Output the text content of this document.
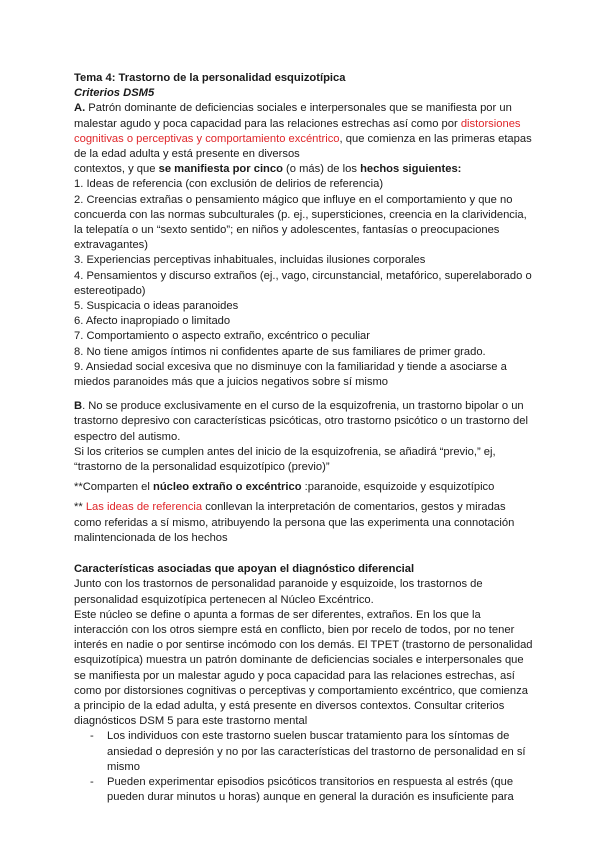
Tema 4: Trastorno de la personalidad esquizotípica

Criterios DSM5

A. Patrón dominante de deficiencias sociales e interpersonales que se manifiesta por un malestar agudo y poca capacidad para las relaciones estrechas así como por distorsiones cognitivas o perceptivas y comportamiento excéntrico, que comienza en las primeras etapas de la edad adulta y está presente en diversos

contextos, y que se manifiesta por cinco (o más) de los hechos siguientes:

1. Ideas de referencia (con exclusión de delirios de referencia)

2. Creencias extrañas o pensamiento mágico que influye en el comportamiento y que no concuerda con las normas subculturales (p. ej., supersticiones, creencia en la clarividencia, la telepatía o un “sexto sentido”; en niños y adolescentes, fantasías o preocupaciones extravagantes)

3. Experiencias perceptivas inhabituales, incluidas ilusiones corporales

4. Pensamientos y discurso extraños (ej., vago, circunstancial, metafórico, superelaborado o estereotipado)

5. Suspicacia o ideas paranoides

6. Afecto inapropiado o limitado

7. Comportamiento o aspecto extraño, excéntrico o peculiar

8. No tiene amigos íntimos ni confidentes aparte de sus familiares de primer grado.

9. Ansiedad social excesiva que no disminuye con la familiaridad y tiende a asociarse a miedos paranoides más que a juicios negativos sobre sí mismo

B. No se produce exclusivamente en el curso de la esquizofrenia, un trastorno bipolar o un trastorno depresivo con características psicóticas, otro trastorno psicótico o un trastorno del espectro del autismo.

Si los criterios se cumplen antes del inicio de la esquizofrenia, se añadirá “previo,” ej, “trastorno de la personalidad esquizotípico (previo)”

**Comparten el núcleo extraño o excéntrico :paranoide, esquizoide y esquizotípico

** Las ideas de referencia conllevan la interpretación de comentarios, gestos y miradas como referidas a sí mismo, atribuyendo la persona que las experimenta una connotación malintencionada de los hechos

Características asociadas que apoyan el diagnóstico diferencial

Junto con los trastornos de personalidad paranoide y esquizoide, los trastornos de personalidad esquizotípica pertenecen al Núcleo Excéntrico.

Este núcleo se define o apunta a formas de ser diferentes, extraños. En los que la interacción con los otros siempre está en conflicto, bien por recelo de todos, por no tener interés en nadie o por sentirse incómodo con los demás. El TPET (trastorno de personalidad esquizotípica) muestra un patrón dominante de deficiencias sociales e interpersonales que se manifiesta por un malestar agudo y poca capacidad para las relaciones estrechas, así como por distorsiones cognitivas o perceptivas y comportamiento excéntrico, que comienza a principio de la edad adulta, y está presente en diversos contextos. Consultar criterios diagnósticos DSM 5 para este trastorno mental

- Los individuos con este trastorno suelen buscar tratamiento para los síntomas de ansiedad o depresión y no por las características del trastorno de personalidad en sí mismo
- Pueden experimentar episodios psicóticos transitorios en respuesta al estrés (que pueden durar minutos u horas) aunque en general la duración es insuficiente para
